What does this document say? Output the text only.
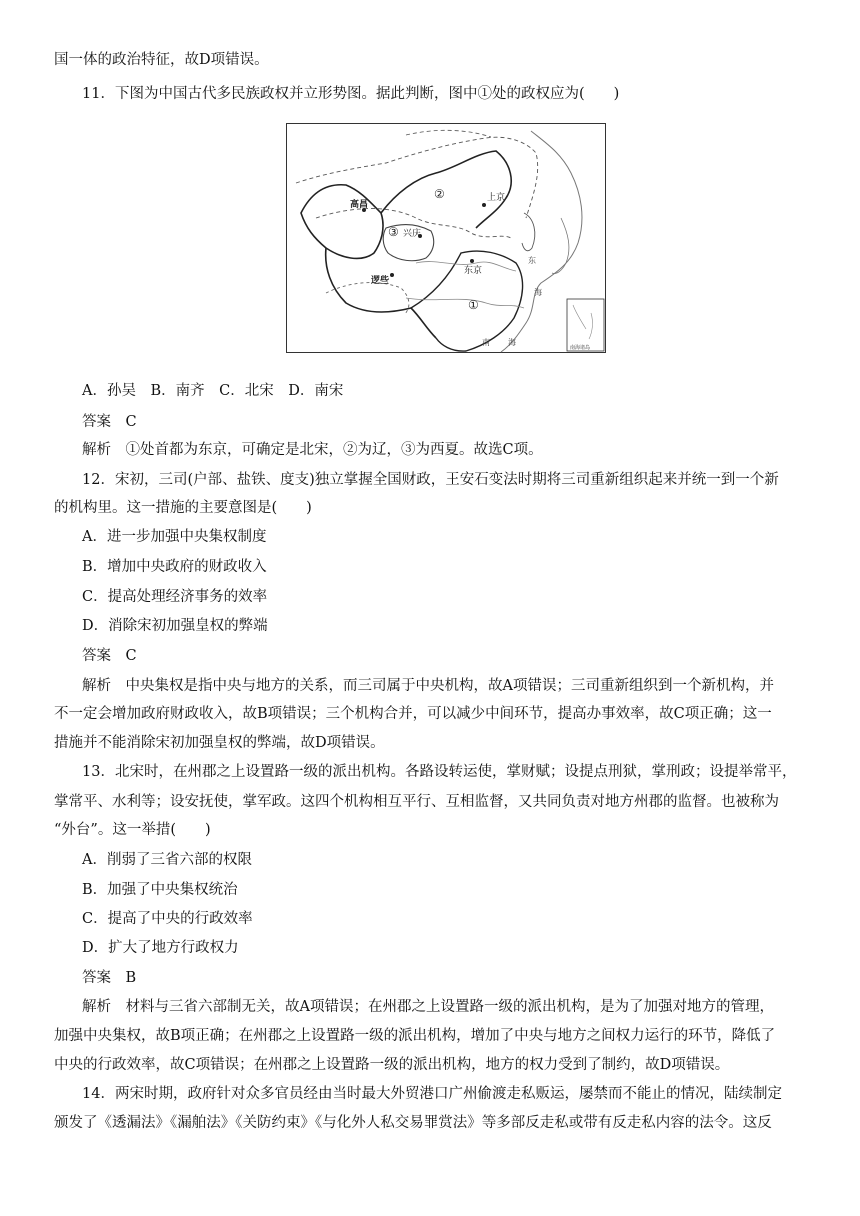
国一体的政治特征，故D项错误。
11．下图为中国古代多民族政权并立形势图。据此判断，图中①处的政权应为(　　)
②	上京
高昌
③ 兴庆
逻些
东京
①
南 海
海
东
南海诸岛
A．孙吴　B．南齐　C．北宋　D．南宋
答案　C
解析　①处首都为东京，可确定是北宋，②为辽，③为西夏。故选C项。
12．宋初，三司(户部、盐铁、度支)独立掌握全国财政，王安石变法时期将三司重新组织起来并统一到一个新
的机构里。这一措施的主要意图是(　　)
A．进一步加强中央集权制度
B．增加中央政府的财政收入
C．提高处理经济事务的效率
D．消除宋初加强皇权的弊端
答案　C
解析　中央集权是指中央与地方的关系，而三司属于中央机构，故A项错误；三司重新组织到一个新机构，并
不一定会增加政府财政收入，故B项错误；三个机构合并，可以减少中间环节，提高办事效率，故C项正确；这一
措施并不能消除宋初加强皇权的弊端，故D项错误。
13．北宋时，在州郡之上设置路一级的派出机构。各路设转运使，掌财赋；设提点刑狱，掌刑政；设提举常平，
掌常平、水利等；设安抚使，掌军政。这四个机构相互平行、互相监督，又共同负责对地方州郡的监督。也被称为
“外台”。这一举措(　　)
A．削弱了三省六部的权限
B．加强了中央集权统治
C．提高了中央的行政效率
D．扩大了地方行政权力
答案　B
解析　材料与三省六部制无关，故A项错误；在州郡之上设置路一级的派出机构，是为了加强对地方的管理，
加强中央集权，故B项正确；在州郡之上设置路一级的派出机构，增加了中央与地方之间权力运行的环节，降低了
中央的行政效率，故C项错误；在州郡之上设置路一级的派出机构，地方的权力受到了制约，故D项错误。
14．两宋时期，政府针对众多官员经由当时最大外贸港口广州偷渡走私贩运，屡禁而不能止的情况，陆续制定
颁发了《透漏法》《漏舶法》《关防约束》《与化外人私交易罪赏法》等多部反走私或带有反走私内容的法令。这反
